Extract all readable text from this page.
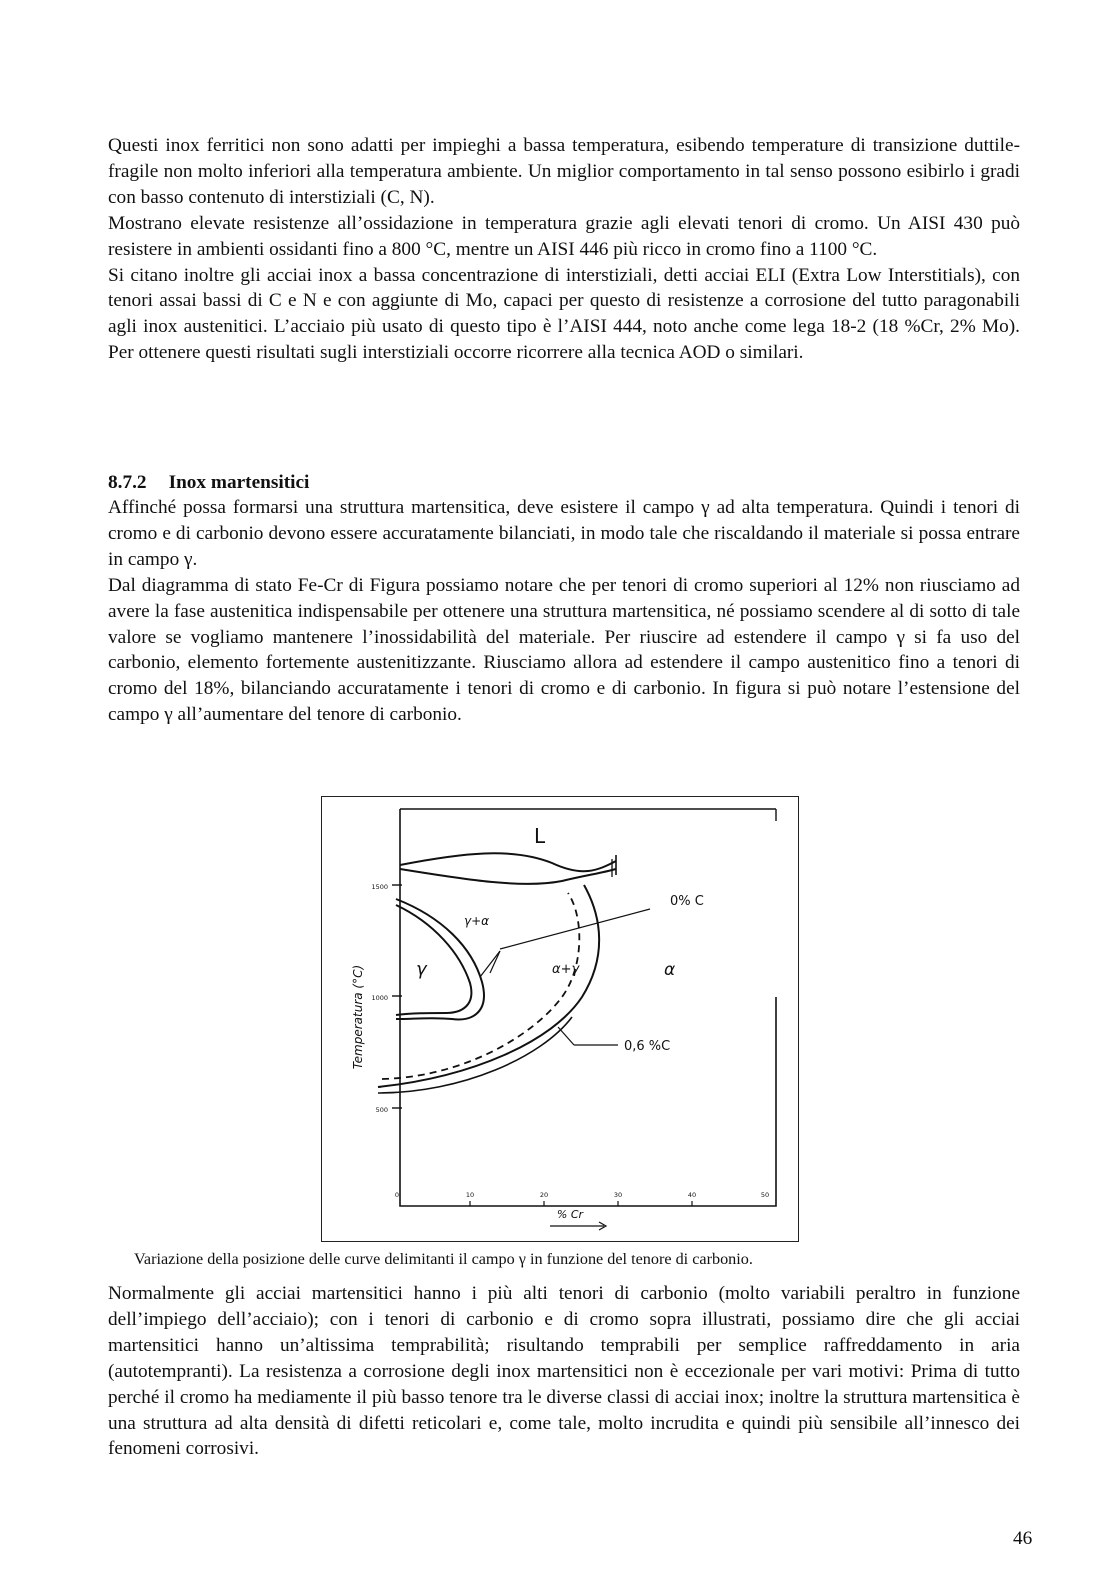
Questi inox ferritici non sono adatti per impieghi a bassa temperatura, esibendo temperature di transizione duttile-fragile non molto inferiori alla temperatura ambiente. Un miglior comportamento in tal senso possono esibirlo i gradi con basso contenuto di interstiziali (C, N).

Mostrano elevate resistenze all’ossidazione in temperatura grazie agli elevati tenori di cromo. Un AISI 430 può resistere in ambienti ossidanti fino a 800 °C, mentre un AISI 446 più ricco in cromo fino a 1100 °C.

Si citano inoltre gli acciai inox a bassa concentrazione di interstiziali, detti acciai ELI (Extra Low Interstitials), con tenori assai bassi di C e N e con aggiunte di Mo, capaci per questo di resistenze a corrosione del tutto paragonabili agli inox austenitici. L’acciaio più usato di questo tipo è l’AISI 444, noto anche come lega 18-2 (18 %Cr, 2% Mo). Per ottenere questi risultati sugli interstiziali occorre ricorrere alla tecnica AOD o similari.

8.7.2 Inox martensitici

Affinché possa formarsi una struttura martensitica, deve esistere il campo γ ad alta temperatura. Quindi i tenori di cromo e di carbonio devono essere accuratamente bilanciati, in modo tale che riscaldando il materiale si possa entrare in campo γ.

Dal diagramma di stato Fe-Cr di Figura possiamo notare che per tenori di cromo superiori al 12% non riusciamo ad avere la fase austenitica indispensabile per ottenere una struttura martensitica, né possiamo scendere al di sotto di tale valore se vogliamo mantenere l’inossidabilità del materiale. Per riuscire ad estendere il campo γ si fa uso del carbonio, elemento fortemente austenitizzante. Riusciamo allora ad estendere il campo austenitico fino a tenori di cromo del 18%, bilanciando accuratamente i tenori di cromo e di carbonio. In figura si può notare l’estensione del campo γ all’aumentare del tenore di carbonio.

1500
1000
500
0	10	20	30	40	50
% Cr
Temperatura (°C)
L
γ
γ+α
α+γ	α
0% C
0,6 %C
Variazione della posizione delle curve delimitanti il campo γ in funzione del tenore di carbonio.

Normalmente gli acciai martensitici hanno i più alti tenori di carbonio (molto variabili peraltro in funzione dell’impiego dell’acciaio); con i tenori di carbonio e di cromo sopra illustrati, possiamo dire che gli acciai martensitici hanno un’altissima temprabilità; risultando temprabili per semplice raffreddamento in aria (autotempranti). La resistenza a corrosione degli inox martensitici non è eccezionale per vari motivi: Prima di tutto perché il cromo ha mediamente il più basso tenore tra le diverse classi di acciai inox; inoltre la struttura martensitica è una struttura ad alta densità di difetti reticolari e, come tale, molto incrudita e quindi più sensibile all’innesco dei fenomeni corrosivi.

46
